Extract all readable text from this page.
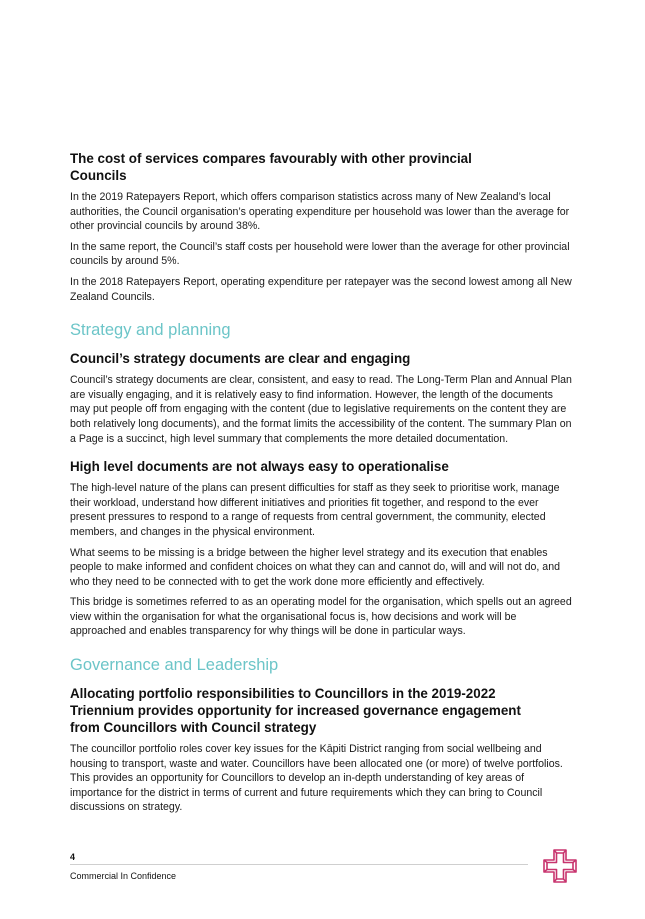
The cost of services compares favourably with other provincial Councils

In the 2019 Ratepayers Report, which offers comparison statistics across many of New Zealand’s local authorities, the Council organisation’s operating expenditure per household was lower than the average for other provincial councils by around 38%.

In the same report, the Council’s staff costs per household were lower than the average for other provincial councils by around 5%.

In the 2018 Ratepayers Report, operating expenditure per ratepayer was the second lowest among all New Zealand Councils.

Strategy and planning
Council’s strategy documents are clear and engaging

Council’s strategy documents are clear, consistent, and easy to read. The Long-Term Plan and Annual Plan are visually engaging, and it is relatively easy to find information. However, the length of the documents may put people off from engaging with the content (due to legislative requirements on the content they are both relatively long documents), and the format limits the accessibility of the content. The summary Plan on a Page is a succinct, high level summary that complements the more detailed documentation.

High level documents are not always easy to operationalise

The high-level nature of the plans can present difficulties for staff as they seek to prioritise work, manage their workload, understand how different initiatives and priorities fit together, and respond to the ever present pressures to respond to a range of requests from central government, the community, elected members, and changes in the physical environment.

What seems to be missing is a bridge between the higher level strategy and its execution that enables people to make informed and confident choices on what they can and cannot do, will and will not do, and who they need to be connected with to get the work done more efficiently and effectively.

This bridge is sometimes referred to as an operating model for the organisation, which spells out an agreed view within the organisation for what the organisational focus is, how decisions and work will be approached and enables transparency for why things will be done in particular ways.

Governance and Leadership
Allocating portfolio responsibilities to Councillors in the 2019-2022 Triennium provides opportunity for increased governance engagement from Councillors with Council strategy

The councillor portfolio roles cover key issues for the Kāpiti District ranging from social wellbeing and housing to transport, waste and water. Councillors have been allocated one (or more) of twelve portfolios. This provides an opportunity for Councillors to develop an in-depth understanding of key areas of importance for the district in terms of current and future requirements which they can bring to Council discussions on strategy.

4
Commercial In Confidence
